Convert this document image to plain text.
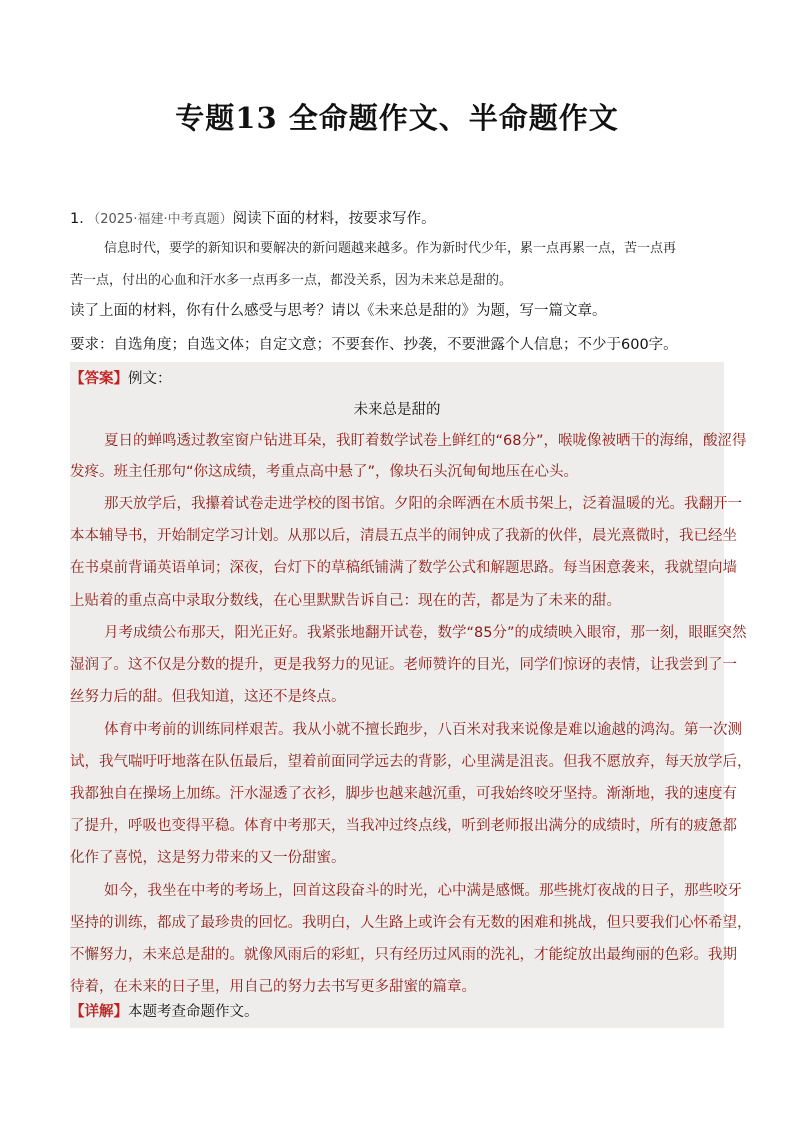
专题13 全命题作文、半命题作文
1．（2025·福建·中考真题）阅读下面的材料，按要求写作。
信息时代，要学的新知识和要解决的新问题越来越多。作为新时代少年，累一点再累一点，苦一点再
苦一点，付出的心血和汗水多一点再多一点，都没关系，因为未来总是甜的。
读了上面的材料，你有什么感受与思考？请以《未来总是甜的》为题，写一篇文章。
要求：自选角度；自选文体；自定文意；不要套作、抄袭，不要泄露个人信息；不少于600字。
【答案】例文：
未来总是甜的
夏日的蝉鸣透过教室窗户钻进耳朵，我盯着数学试卷上鲜红的“68分”，喉咙像被晒干的海绵，酸涩得
发疼。班主任那句“你这成绩，考重点高中悬了”，像块石头沉甸甸地压在心头。
那天放学后，我攥着试卷走进学校的图书馆。夕阳的余晖洒在木质书架上，泛着温暖的光。我翻开一
本本辅导书，开始制定学习计划。从那以后，清晨五点半的闹钟成了我新的伙伴，晨光熹微时，我已经坐
在书桌前背诵英语单词；深夜，台灯下的草稿纸铺满了数学公式和解题思路。每当困意袭来，我就望向墙
上贴着的重点高中录取分数线，在心里默默告诉自己：现在的苦，都是为了未来的甜。
月考成绩公布那天，阳光正好。我紧张地翻开试卷，数学“85分”的成绩映入眼帘，那一刻，眼眶突然
湿润了。这不仅是分数的提升，更是我努力的见证。老师赞许的目光，同学们惊讶的表情，让我尝到了一
丝努力后的甜。但我知道，这还不是终点。
体育中考前的训练同样艰苦。我从小就不擅长跑步，八百米对我来说像是难以逾越的鸿沟。第一次测
试，我气喘吁吁地落在队伍最后，望着前面同学远去的背影，心里满是沮丧。但我不愿放弃，每天放学后，
我都独自在操场上加练。汗水湿透了衣衫，脚步也越来越沉重，可我始终咬牙坚持。渐渐地，我的速度有
了提升，呼吸也变得平稳。体育中考那天，当我冲过终点线，听到老师报出满分的成绩时，所有的疲惫都
化作了喜悦，这是努力带来的又一份甜蜜。
如今，我坐在中考的考场上，回首这段奋斗的时光，心中满是感慨。那些挑灯夜战的日子，那些咬牙
坚持的训练，都成了最珍贵的回忆。我明白，人生路上或许会有无数的困难和挑战，但只要我们心怀希望，
不懈努力，未来总是甜的。就像风雨后的彩虹，只有经历过风雨的洗礼，才能绽放出最绚丽的色彩。我期
待着，在未来的日子里，用自己的努力去书写更多甜蜜的篇章。
【详解】本题考查命题作文。
